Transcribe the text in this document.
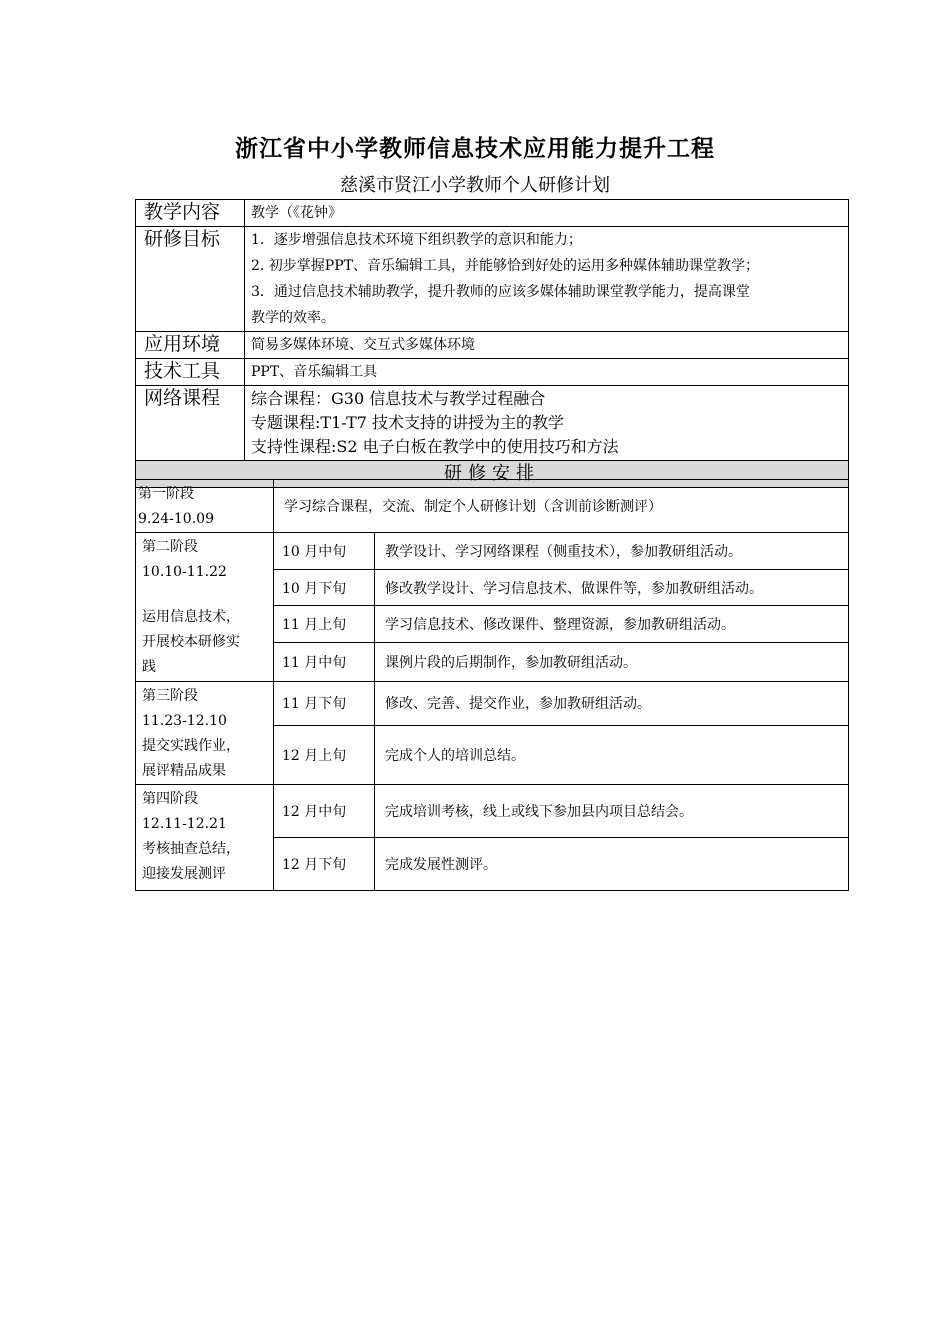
浙江省中小学教师信息技术应用能力提升工程
慈溪市贤江小学教师个人研修计划
教学内容	教学（《花钟》
研修目标	1．逐步增强信息技术环境下组织教学的意识和能力；
2. 初步掌握PPT、音乐编辑工具，并能够恰到好处的运用多种媒体辅助课堂教学；
3．通过信息技术辅助教学，提升教师的应该多媒体辅助课堂教学能力，提高课堂
教学的效率。

应用环境	简易多媒体环境、交互式多媒体环境
技术工具	PPT、音乐编辑工具
网络课程	综合课程：G30 信息技术与教学过程融合
专题课程:T1-T7 技术支持的讲授为主的教学
支持性课程:S2 电子白板在教学中的使用技巧和方法

研修安排	
第一阶段
9.24-10.09	学习综合课程，交流、制定个人研修计划（含训前诊断测评）	

第二阶段
10.10-11.22
运用信息技术，
开展校本研修实
践	10 月中旬	教学设计、学习网络课程（侧重技术），参加教研组活动。
	10 月下旬	修改教学设计、学习信息技术、做课件等，参加教研组活动。
	11 月上旬	学习信息技术、修改课件、整理资源，参加教研组活动。
	11 月中旬	课例片段的后期制作，参加教研组活动。

第三阶段
11.23-12.10
提交实践作业，
展评精品成果	11 月下旬	修改、完善、提交作业，参加教研组活动。
	12 月上旬	完成个人的培训总结。

第四阶段
12.11-12.21
考核抽查总结，
迎接发展测评	12 月中旬	完成培训考核，线上或线下参加县内项目总结会。
	12 月下旬	完成发展性测评。
